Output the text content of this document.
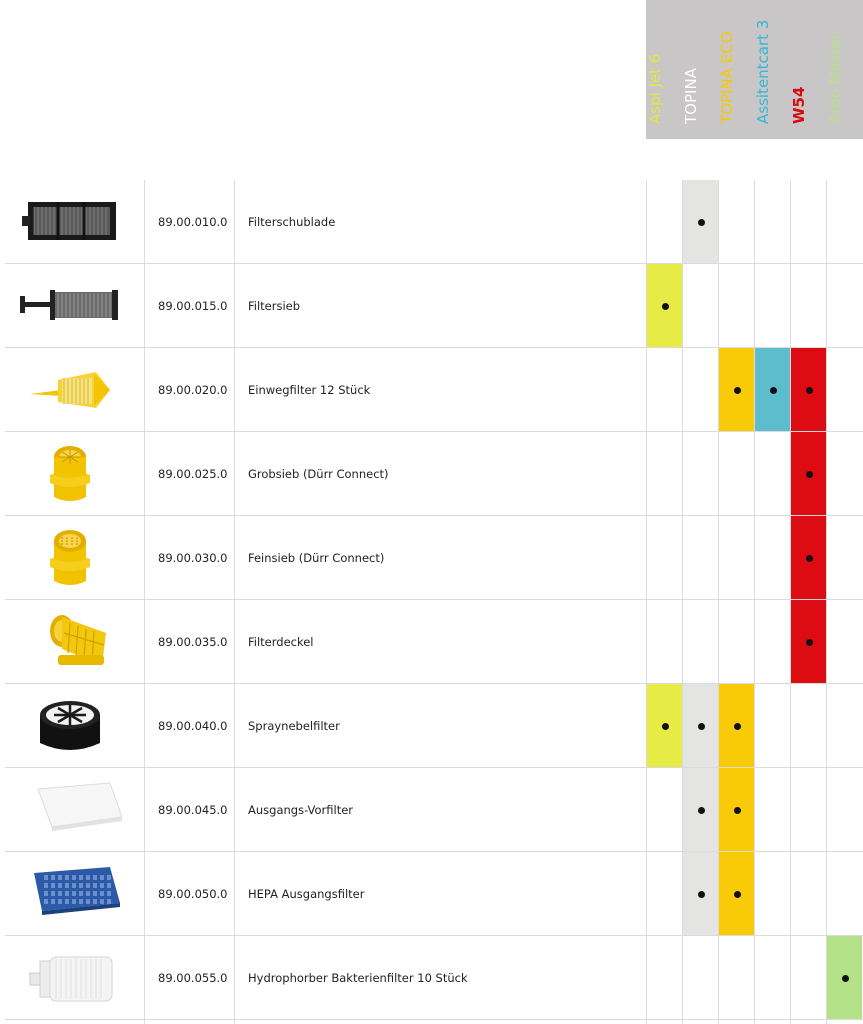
Aspi Jet 6 TOPINA TOPINA ECO Assitentcart 3 W54 Ardo Master
89.00.010.0 Filterschublade
89.00.015.0 Filtersieb
89.00.020.0 Einwegfilter 12 Stück
89.00.025.0 Grobsieb (Dürr Connect)
89.00.030.0 Feinsieb (Dürr Connect)
89.00.035.0 Filterdeckel
89.00.040.0 Spraynebelfilter
89.00.045.0 Ausgangs-Vorfilter
89.00.050.0 HEPA Ausgangsfilter
89.00.055.0 Hydrophorber Bakterienfilter 10 Stück
